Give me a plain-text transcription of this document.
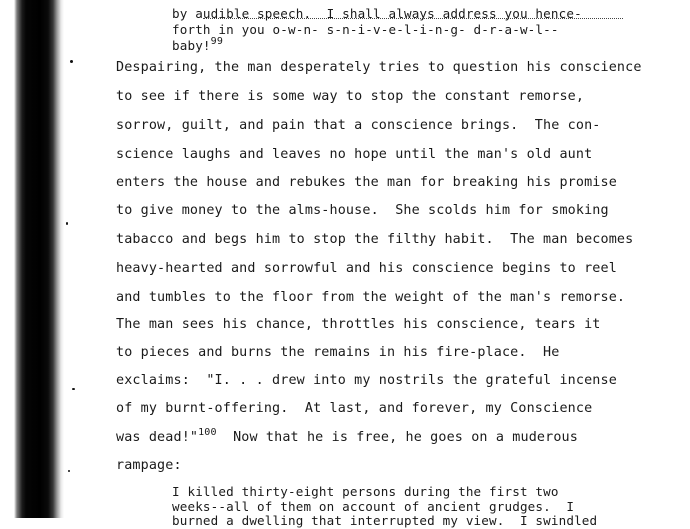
by audible speech.  I shall always address you hence-
forth in you o-w-n- s-n-i-v-e-l-i-n-g- d-r-a-w-l--
baby!$^{99}$
Despairing, the man desperately tries to question his conscience
to see if there is some way to stop the constant remorse,
sorrow, guilt, and pain that a conscience brings.  The con-
science laughs and leaves no hope until the man's old aunt
enters the house and rebukes the man for breaking his promise
to give money to the alms-house.  She scolds him for smoking
tabacco and begs him to stop the filthy habit.  The man becomes
heavy-hearted and sorrowful and his conscience begins to reel
and tumbles to the floor from the weight of the man's remorse.
The man sees his chance, throttles his conscience, tears it
to pieces and burns the remains in his fire-place.  He
exclaims:  "I. . . drew into my nostrils the grateful incense
of my burnt-offering.  At last, and forever, my Conscience
was dead!"$^{100}$  Now that he is free, he goes on a muderous
rampage:
I killed thirty-eight persons during the first two
weeks--all of them on account of ancient grudges.  I
burned a dwelling that interrupted my view.  I swindled
